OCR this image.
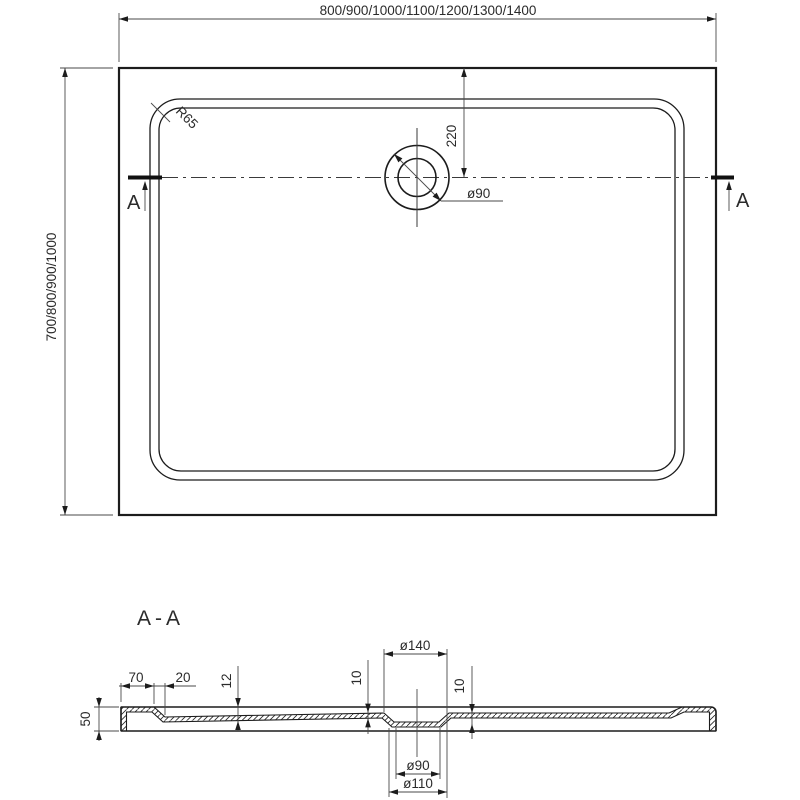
800/900/1000/1100/1200/1300/1400
700/800/900/1000
R65
220
ø90
A	A
A-A
50
70 20 12	10
10
ø140
ø90
ø110
